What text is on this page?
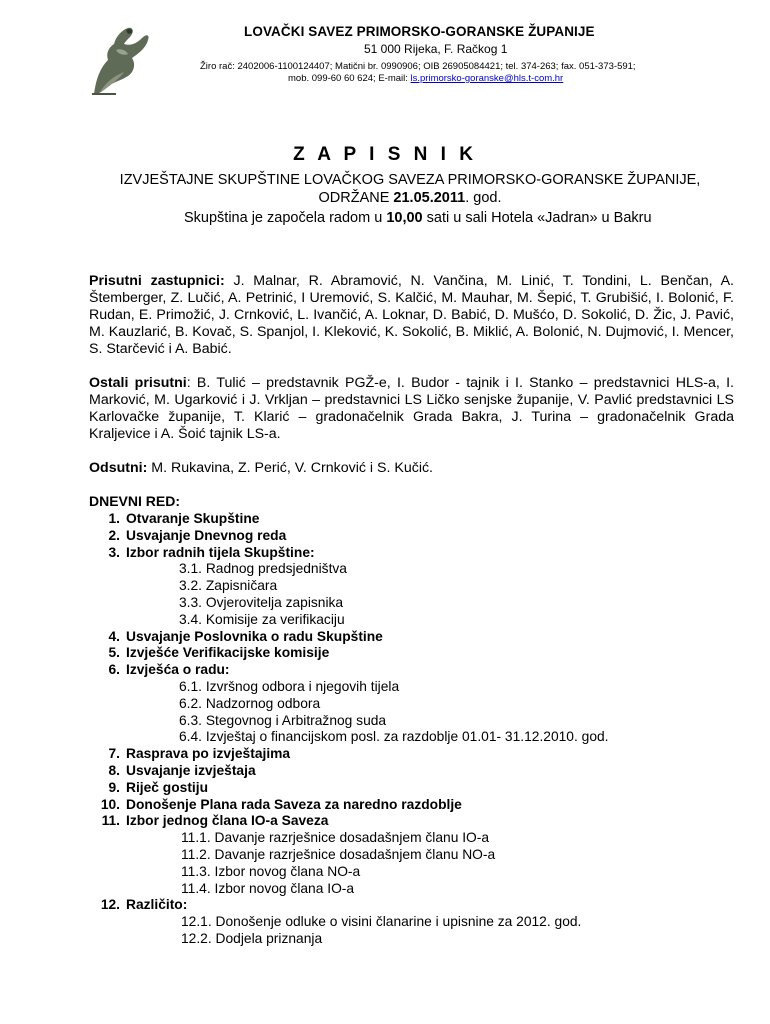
LOVAČKI SAVEZ PRIMORSKO-GORANSKE ŽUPANIJE
51 000 Rijeka, F. Račkog 1
Žiro rač: 2402006-1100124407; Matični br. 0990906; OIB 26905084421; tel. 374-263; fax. 051-373-591;
mob. 099-60 60 624; E-mail: ls.primorsko-goranske@hls.t-com.hr
Z A P I S N I K
IZVJEŠTAJNE SKUPŠTINE LOVAČKOG SAVEZA PRIMORSKO-GORANSKE ŽUPANIJE,
ODRŽANE 21.05.2011. god.
Skupština je započela radom u 10,00 sati u sali Hotela «Jadran» u Bakru
Prisutni zastupnici: J. Malnar, R. Abramović, N. Vančina, M. Linić, T. Tondini, L. Benčan, A. Štemberger, Z. Lučić, A. Petrinić, I Uremović, S. Kalčić, M. Mauhar, M. Šepić, T. Grubišić, I. Bolonić, F. Rudan, E. Primožić, J. Crnković, L. Ivančić, A. Loknar, D. Babić, D. Mušćo, D. Sokolić, D. Žic, J. Pavić, M. Kauzlarić, B. Kovač, S. Spanjol, I. Kleković, K. Sokolić, B. Miklić, A. Bolonić, N. Dujmović, I. Mencer, S. Starčević i A. Babić.
Ostali prisutni: B. Tulić – predstavnik PGŽ-e, I. Budor - tajnik i I. Stanko – predstavnici HLS-a, I. Marković, M. Ugarković i J. Vrkljan – predstavnici LS Ličko senjske županije, V. Pavlić predstavnici LS Karlovačke županije, T. Klarić – gradonačelnik Grada Bakra, J. Turina – gradonačelnik Grada Kraljevice i A. Šoić tajnik LS-a.
Odsutni: M. Rukavina, Z. Perić, V. Crnković i S. Kučić.
DNEVNI RED:
1. Otvaranje Skupštine
2. Usvajanje Dnevnog reda
3. Izbor radnih tijela Skupštine:
3.1. Radnog predsjedništva
3.2. Zapisničara
3.3. Ovjerovitelja zapisnika
3.4. Komisije za verifikaciju
4. Usvajanje Poslovnika o radu Skupštine
5. Izvješće Verifikacijske komisije
6. Izvješća o radu:
6.1. Izvršnog odbora i njegovih tijela
6.2. Nadzornog odbora
6.3. Stegovnog i Arbitražnog suda
6.4. Izvještaj o financijskom posl. za razdoblje 01.01- 31.12.2010. god.
7. Rasprava po izvještajima
8. Usvajanje izvještaja
9. Riječ gostiju
10. Donošenje Plana rada Saveza za naredno razdoblje
11. Izbor jednog člana IO-a Saveza
11.1. Davanje razrješnice dosadašnjem članu IO-a
11.2. Davanje razrješnice dosadašnjem članu NO-a
11.3. Izbor novog člana NO-a
11.4. Izbor novog člana IO-a
12. Različito:
12.1. Donošenje odluke o visini članarine i upisnine za 2012. god.
12.2. Dodjela priznanja
